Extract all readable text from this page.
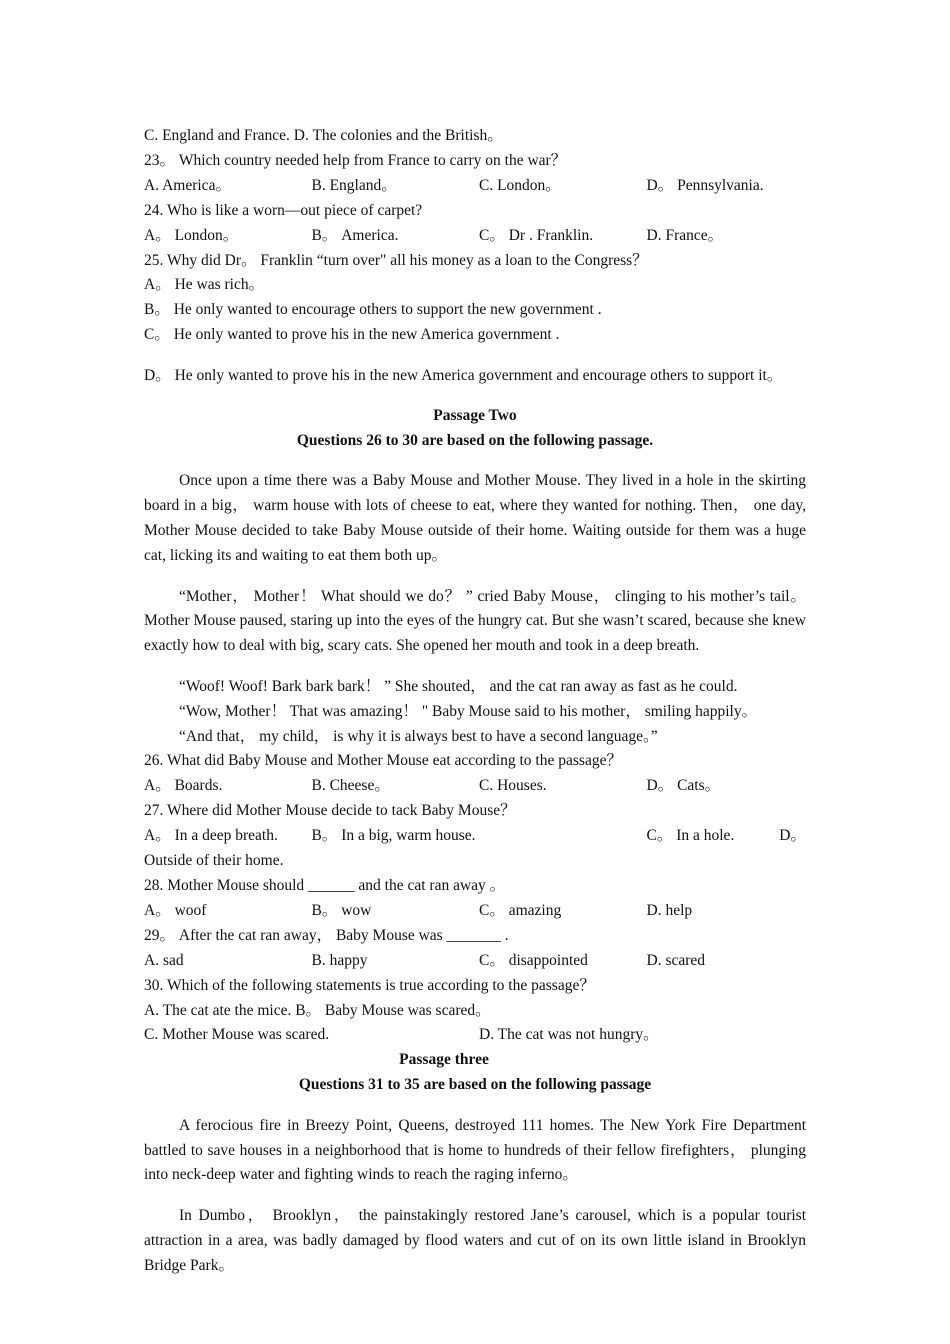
C. England and France. D. The colonies and the British。

23。 Which country needed help from France to carry on the war？

A. America。	B. England。	C. London。	D。 Pennsylvania.

24. Who is like a worn—out piece of carpet?

A。 London。	B。 America.	C。 Dr . Franklin.	D. France。

25. Why did Dr。 Franklin “turn over" all his money as a loan to the Congress？

A。 He was rich。

B。 He only wanted to encourage others to support the new government .

C。 He only wanted to prove his in the new America government .

D。 He only wanted to prove his in the new America government and encourage others to support it。

Passage Two

Questions 26 to 30 are based on the following passage.

Once upon a time there was a Baby Mouse and Mother Mouse. They lived in a hole in the skirting board in a big， warm house with lots of cheese to eat, where they wanted for nothing. Then， one day, Mother Mouse decided to take Baby Mouse outside of their home. Waiting outside for them was a huge cat, licking its and waiting to eat them both up。

“Mother， Mother！ What should we do？ ” cried Baby Mouse， clinging to his mother’s tail。 Mother Mouse paused, staring up into the eyes of the hungry cat. But she wasn’t scared, because she knew exactly how to deal with big, scary cats. She opened her mouth and took in a deep breath.

“Woof! Woof! Bark bark bark！ ” She shouted， and the cat ran away as fast as he could.

“Wow, Mother！ That was amazing！ " Baby Mouse said to his mother， smiling happily。

“And that， my child， is why it is always best to have a second language。”

26. What did Baby Mouse and Mother Mouse eat according to the passage？

A。 Boards.	B. Cheese。	C. Houses.	D。 Cats。

27. Where did Mother Mouse decide to tack Baby Mouse？

A。 In a deep breath.	B。 In a big, warm house.	C。 In a hole.	D。

Outside of their home.

28. Mother Mouse should ______ and the cat ran away 。

A。 woof	B。 wow	C。 amazing	D. help

29。 After the cat ran away， Baby Mouse was _______ .

A. sad	B. happy	C。 disappointed	D. scared

30. Which of the following statements is true according to the passage？

A. The cat ate the mice. B。 Baby Mouse was scared。

C. Mother Mouse was scared.	D. The cat was not hungry。

Passage three

Questions 31 to 35 are based on the following passage

A ferocious fire in Breezy Point, Queens, destroyed 111 homes. The New York Fire Department battled to save houses in a neighborhood that is home to hundreds of their fellow firefighters， plunging into neck-deep water and fighting winds to reach the raging inferno。

In Dumbo， Brooklyn， the painstakingly restored Jane’s carousel, which is a popular tourist attraction in a area, was badly damaged by flood waters and cut of on its own little island in Brooklyn Bridge Park。
